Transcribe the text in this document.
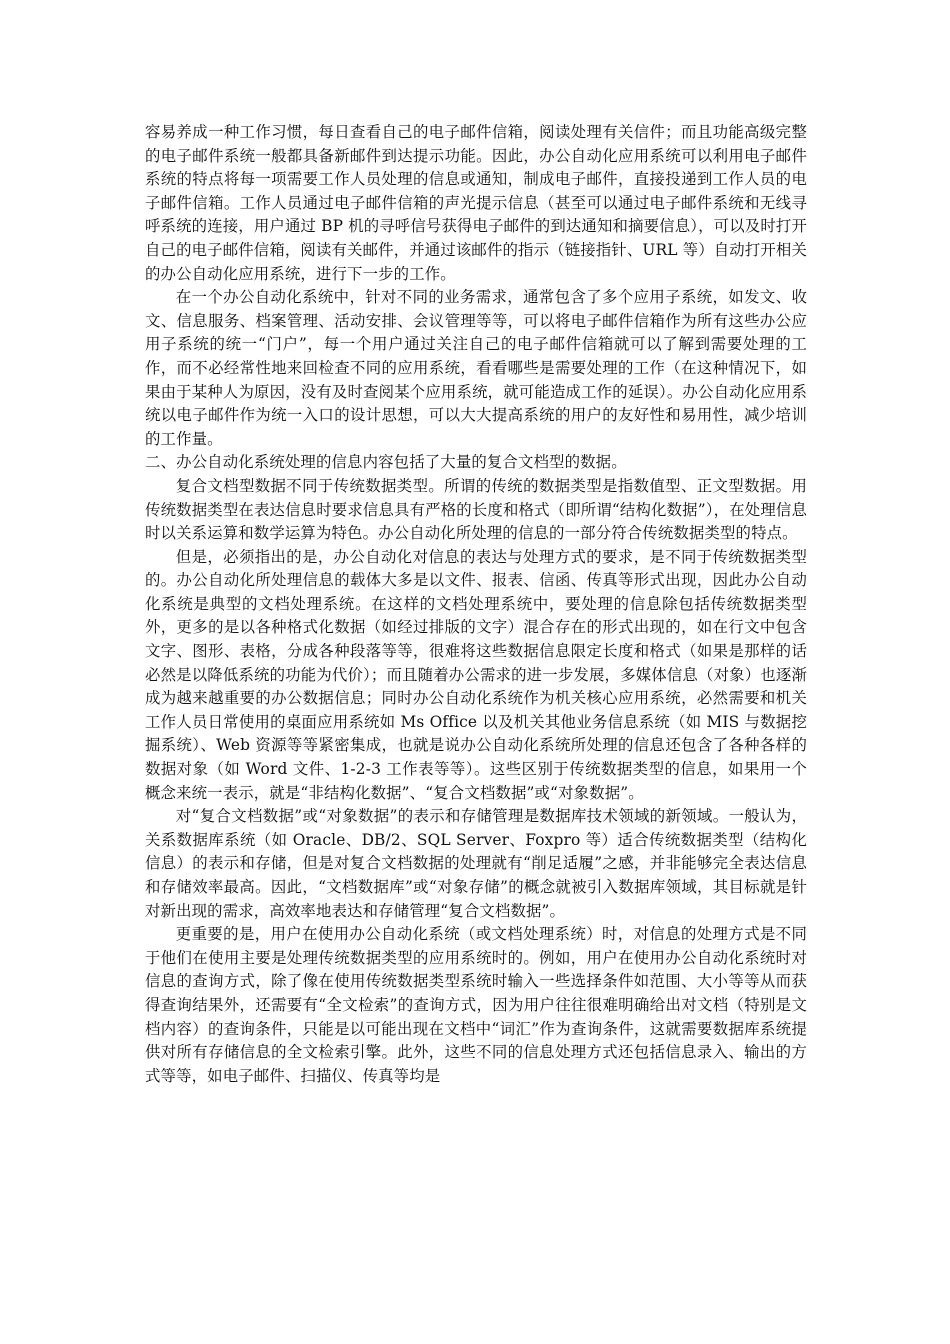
容易养成一种工作习惯，每日查看自己的电子邮件信箱，阅读处理有关信件；而且功能高级完整的电子邮件系统一般都具备新邮件到达提示功能。因此，办公自动化应用系统可以利用电子邮件系统的特点将每一项需要工作人员处理的信息或通知，制成电子邮件，直接投递到工作人员的电子邮件信箱。工作人员通过电子邮件信箱的声光提示信息（甚至可以通过电子邮件系统和无线寻呼系统的连接，用户通过 BP 机的寻呼信号获得电子邮件的到达通知和摘要信息），可以及时打开自己的电子邮件信箱，阅读有关邮件，并通过该邮件的指示（链接指针、URL 等）自动打开相关的办公自动化应用系统，进行下一步的工作。

在一个办公自动化系统中，针对不同的业务需求，通常包含了多个应用子系统，如发文、收文、信息服务、档案管理、活动安排、会议管理等等，可以将电子邮件信箱作为所有这些办公应用子系统的统一“门户”，每一个用户通过关注自己的电子邮件信箱就可以了解到需要处理的工作，而不必经常性地来回检查不同的应用系统，看看哪些是需要处理的工作（在这种情况下，如果由于某种人为原因，没有及时查阅某个应用系统，就可能造成工作的延误）。办公自动化应用系统以电子邮件作为统一入口的设计思想，可以大大提高系统的用户的友好性和易用性，减少培训的工作量。

二、办公自动化系统处理的信息内容包括了大量的复合文档型的数据。

复合文档型数据不同于传统数据类型。所谓的传统的数据类型是指数值型、正文型数据。用传统数据类型在表达信息时要求信息具有严格的长度和格式（即所谓“结构化数据”），在处理信息时以关系运算和数学运算为特色。办公自动化所处理的信息的一部分符合传统数据类型的特点。

但是，必须指出的是，办公自动化对信息的表达与处理方式的要求，是不同于传统数据类型的。办公自动化所处理信息的载体大多是以文件、报表、信函、传真等形式出现，因此办公自动化系统是典型的文档处理系统。在这样的文档处理系统中，要处理的信息除包括传统数据类型外，更多的是以各种格式化数据（如经过排版的文字）混合存在的形式出现的，如在行文中包含文字、图形、表格，分成各种段落等等，很难将这些数据信息限定长度和格式（如果是那样的话必然是以降低系统的功能为代价）；而且随着办公需求的进一步发展，多媒体信息（对象）也逐渐成为越来越重要的办公数据信息；同时办公自动化系统作为机关核心应用系统，必然需要和机关工作人员日常使用的桌面应用系统如 Ms Office 以及机关其他业务信息系统（如 MIS 与数据挖掘系统）、Web 资源等等紧密集成，也就是说办公自动化系统所处理的信息还包含了各种各样的数据对象（如 Word 文件、1-2-3 工作表等等）。这些区别于传统数据类型的信息，如果用一个概念来统一表示，就是“非结构化数据”、“复合文档数据”或“对象数据”。

对“复合文档数据”或“对象数据”的表示和存储管理是数据库技术领域的新领域。一般认为，关系数据库系统（如 Oracle、DB/2、SQL Server、Foxpro 等）适合传统数据类型（结构化信息）的表示和存储，但是对复合文档数据的处理就有“削足适履”之感，并非能够完全表达信息和存储效率最高。因此，“文档数据库”或“对象存储”的概念就被引入数据库领域，其目标就是针对新出现的需求，高效率地表达和存储管理“复合文档数据”。

更重要的是，用户在使用办公自动化系统（或文档处理系统）时，对信息的处理方式是不同于他们在使用主要是处理传统数据类型的应用系统时的。例如，用户在使用办公自动化系统时对信息的查询方式，除了像在使用传统数据类型系统时输入一些选择条件如范围、大小等等从而获得查询结果外，还需要有“全文检索”的查询方式，因为用户往往很难明确给出对文档（特别是文档内容）的查询条件，只能是以可能出现在文档中“词汇”作为查询条件，这就需要数据库系统提供对所有存储信息的全文检索引擎。此外，这些不同的信息处理方式还包括信息录入、输出的方式等等，如电子邮件、扫描仪、传真等均是
